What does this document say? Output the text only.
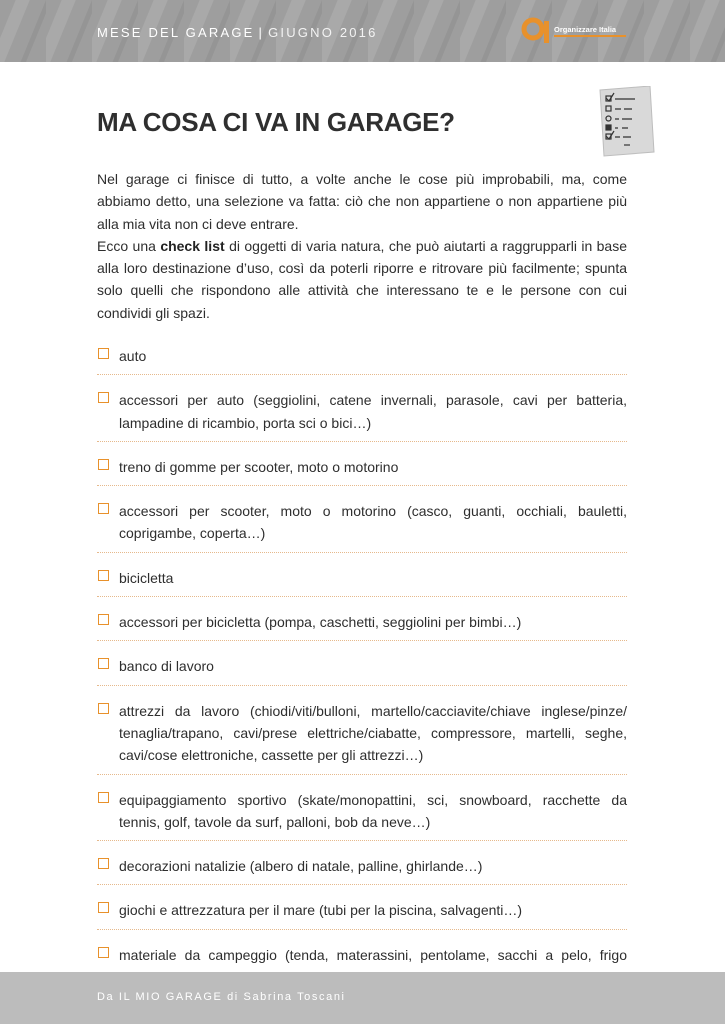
MESE DEL GARAGE | GIUGNO 2016	Organizzare Italia
MA COSA CI VA IN GARAGE?

Nel garage ci finisce di tutto, a volte anche le cose più improbabili, ma, come abbiamo detto, una selezione va fatta: ciò che non appartiene o non appartiene più alla mia vita non ci deve entrare.

Ecco una check list di oggetti di varia natura, che può aiutarti a raggrupparli in base alla loro destinazione d’uso, così da poterli riporre e ritrovare più facilmente; spunta solo quelli che rispondono alle attività che interessano te e le persone con cui condividi gli spazi.

auto
accessori per auto (seggiolini, catene invernali, parasole, cavi per batteria, lampadine di ricambio, porta sci o bici…)
treno di gomme per scooter, moto o motorino
accessori per scooter, moto o motorino (casco, guanti, occhiali, bauletti, coprigambe, coperta…)
bicicletta
accessori per bicicletta (pompa, caschetti, seggiolini per bimbi…)
banco di lavoro
attrezzi da lavoro (chiodi/viti/bulloni, martello/cacciavite/chiave inglese/pinze/ tenaglia/trapano, cavi/prese elettriche/ciabatte, compressore, martelli, seghe, cavi/cose elettroniche, cassette per gli attrezzi…)
equipaggiamento sportivo (skate/monopattini, sci, snowboard, racchette da tennis, golf, tavole da surf, palloni, bob da neve…)
decorazioni natalizie (albero di natale, palline, ghirlande…)
giochi e attrezzatura per il mare (tubi per la piscina, salvagenti…)
materiale da campeggio (tenda, materassini, pentolame, sacchi a pelo, frigo
Da IL MIO GARAGE di Sabrina Toscani
